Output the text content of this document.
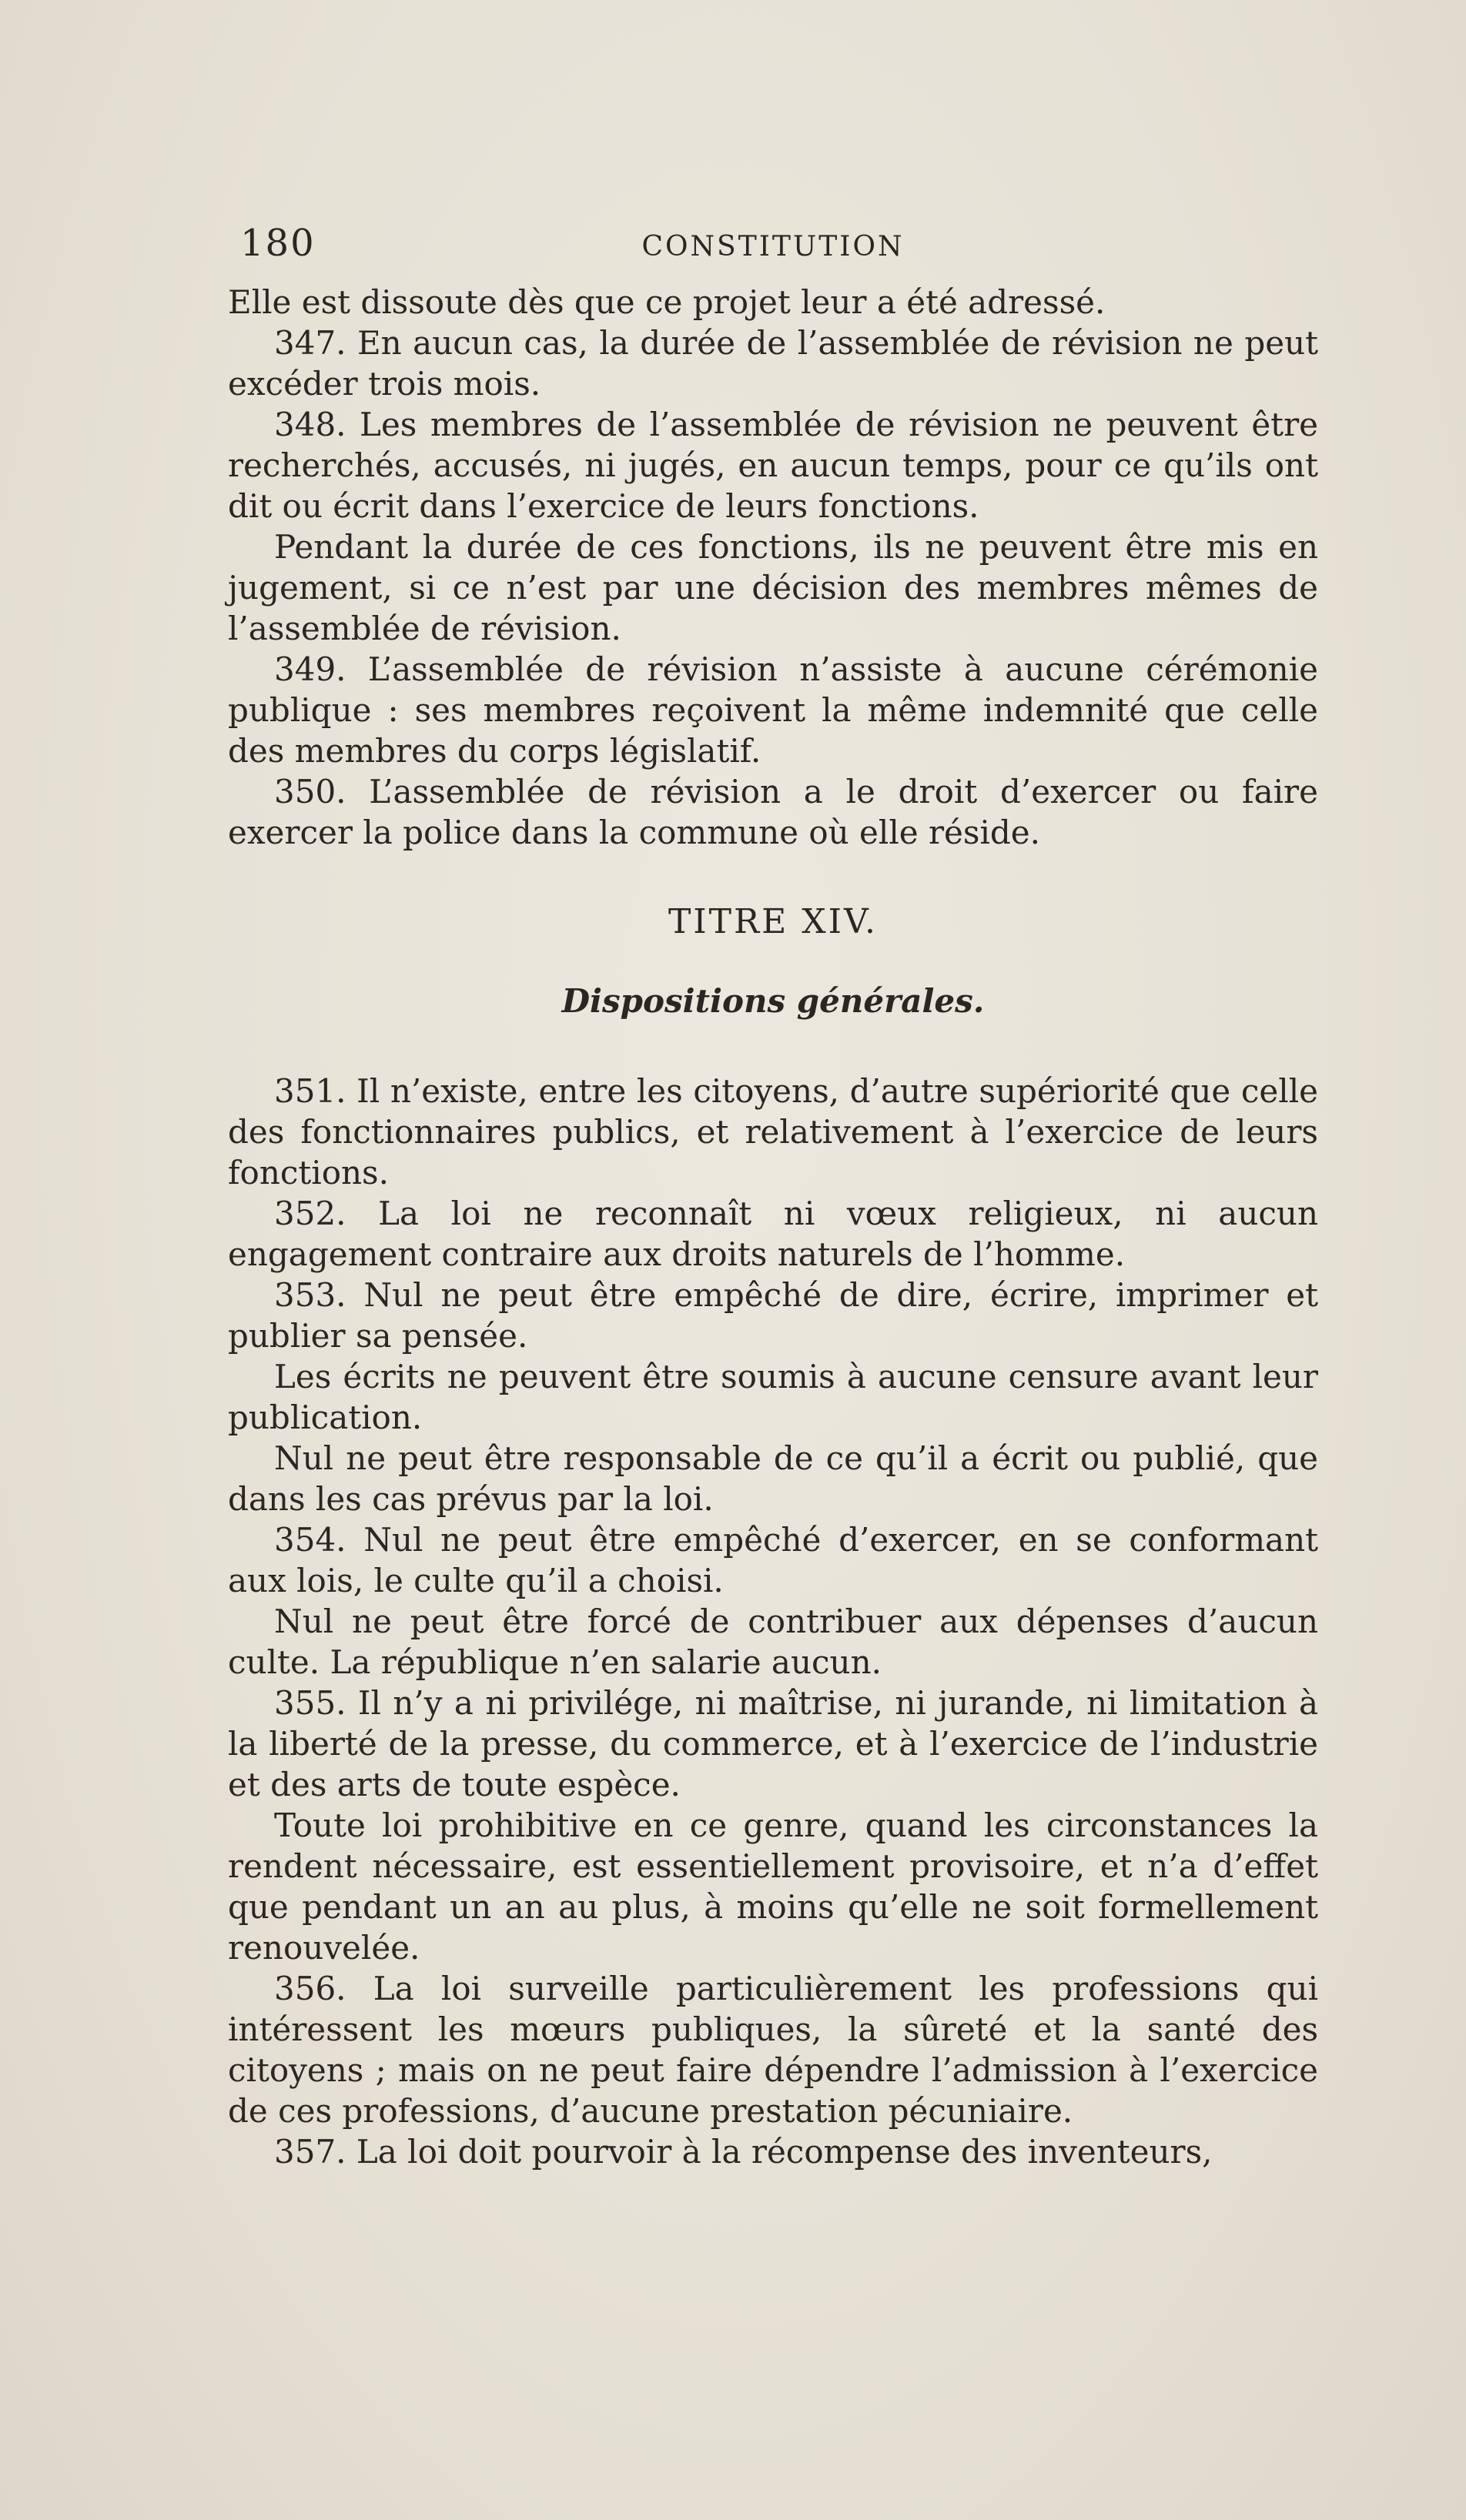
180	CONSTITUTION

Elle est dissoute dès que ce projet leur a été adressé.

347. En aucun cas, la durée de l’assemblée de révision ne peut excéder trois mois.

348. Les membres de l’assemblée de révision ne peuvent être recherchés, accusés, ni jugés, en aucun temps, pour ce qu’ils ont dit ou écrit dans l’exercice de leurs fonctions.

Pendant la durée de ces fonctions, ils ne peuvent être mis en jugement, si ce n’est par une décision des membres mêmes de l’assemblée de révision.

349. L’assemblée de révision n’assiste à aucune cérémonie publique : ses membres reçoivent la même indemnité que celle des membres du corps législatif.

350. L’assemblée de révision a le droit d’exercer ou faire exercer la police dans la commune où elle réside.

TITRE XIV.
Dispositions générales.

351. Il n’existe, entre les citoyens, d’autre supériorité que celle des fonctionnaires publics, et relativement à l’exercice de leurs fonctions.

352. La loi ne reconnaît ni vœux religieux, ni aucun engagement contraire aux droits naturels de l’homme.

353. Nul ne peut être empêché de dire, écrire, imprimer et publier sa pensée.

Les écrits ne peuvent être soumis à aucune censure avant leur publication.

Nul ne peut être responsable de ce qu’il a écrit ou publié, que dans les cas prévus par la loi.

354. Nul ne peut être empêché d’exercer, en se conformant aux lois, le culte qu’il a choisi.

Nul ne peut être forcé de contribuer aux dépenses d’aucun culte. La république n’en salarie aucun.

355. Il n’y a ni privilége, ni maîtrise, ni jurande, ni limitation à la liberté de la presse, du commerce, et à l’exercice de l’industrie et des arts de toute espèce.

Toute loi prohibitive en ce genre, quand les circonstances la rendent nécessaire, est essentiellement provisoire, et n’a d’effet que pendant un an au plus, à moins qu’elle ne soit formellement renouvelée.

356. La loi surveille particulièrement les professions qui intéressent les mœurs publiques, la sûreté et la santé des citoyens ; mais on ne peut faire dépendre l’admission à l’exercice de ces professions, d’aucune prestation pécuniaire.

357. La loi doit pourvoir à la récompense des inventeurs,
